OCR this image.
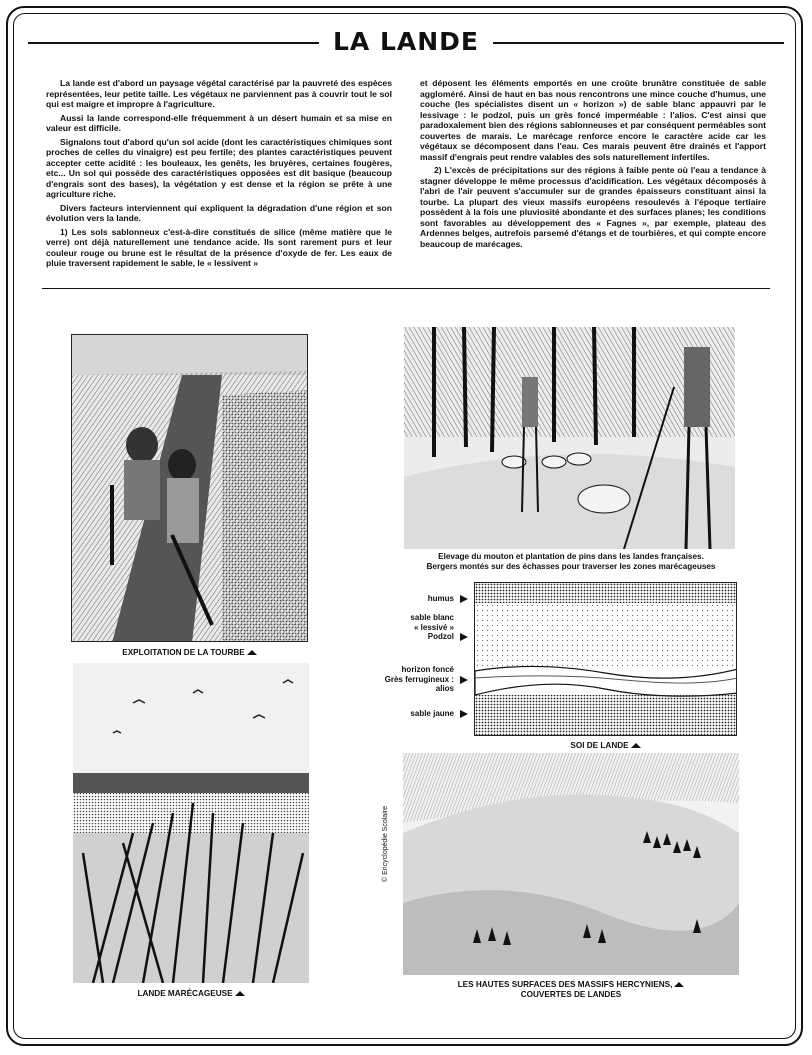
LA LANDE

La lande est d'abord un paysage végétal caractérisé par la pauvreté des espèces représentées, leur petite taille. Les végétaux ne parviennent pas à couvrir tout le sol qui est maigre et impropre à l'agriculture.

Aussi la lande correspond-elle fréquemment à un désert humain et sa mise en valeur est difficile.

Signalons tout d'abord qu'un sol acide (dont les caractéristiques chimiques sont proches de celles du vinaigre) est peu fertile; des plantes caractéristiques peuvent accepter cette acidité : les bouleaux, les genêts, les bruyères, certaines fougères, etc... Un sol qui possède des caractéristiques opposées est dit basique (beaucoup d'engrais sont des bases), la végétation y est dense et la région se prête à une agriculture riche.

Divers facteurs interviennent qui expliquent la dégradation d'une région et son évolution vers la lande.

1) Les sols sablonneux c'est-à-dire constitués de silice (même matière que le verre) ont déjà naturellement une tendance acide. Ils sont rarement purs et leur couleur rouge ou brune est le résultat de la présence d'oxyde de fer. Les eaux de pluie traversent rapidement le sable, le « lessivent »

et déposent les éléments emportés en une croûte brunâtre constituée de sable aggloméré. Ainsi de haut en bas nous rencontrons une mince couche d'humus, une couche (les spécialistes disent un « horizon ») de sable blanc appauvri par le lessivage : le podzol, puis un grès foncé imperméable : l'alios. C'est ainsi que paradoxalement bien des régions sablonneuses et par conséquent perméables sont couvertes de marais. Le marécage renforce encore le caractère acide car les végétaux se décomposent dans l'eau. Ces marais peuvent être drainés et l'apport massif d'engrais peut rendre valables des sols naturellement infertiles.

2) L'excès de précipitations sur des régions à faible pente où l'eau a tendance à stagner développe le même processus d'acidification. Les végétaux décomposés à l'abri de l'air peuvent s'accumuler sur de grandes épaisseurs constituant ainsi la tourbe. La plupart des vieux massifs européens resoulevés à l'époque tertiaire possèdent à la fois une pluviosité abondante et des surfaces planes; les conditions sont favorables au développement des « Fagnes », par exemple, plateau des Ardennes belges, autrefois parsemé d'étangs et de tourbières, et qui compte encore beaucoup de marécages.

EXPLOITATION DE LA TOURBE
LANDE MARÉCAGEUSE
Elevage du mouton et plantation de pins dans les landes françaises.
Bergers montés sur des échasses pour traverser les zones marécageuses
humus
sable blanc
« lessivé »
Podzol
horizon foncé
Grès ferrugineux :
alios
sable jaune
SOl DE LANDE
LES HAUTES SURFACES DES MASSIFS HERCYNIENS,
COUVERTES DE LANDES
© Encyclopédie Scolaire
